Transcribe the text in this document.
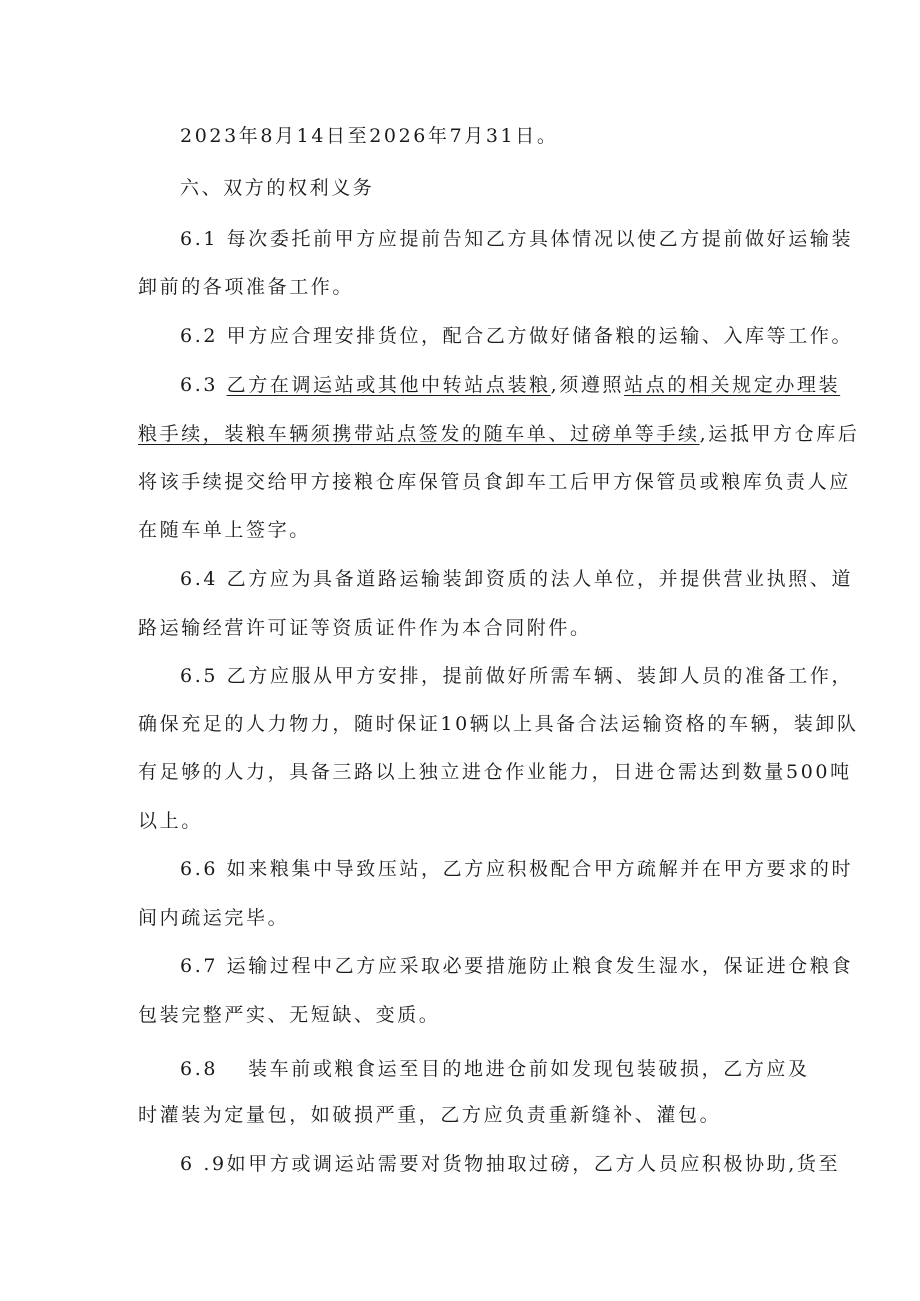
2023年8月14日至2026年7月31日。

六、双方的权利义务

6.1 每次委托前甲方应提前告知乙方具体情况以使乙方提前做好运输装

卸前的各项准备工作。

6.2 甲方应合理安排货位，配合乙方做好储备粮的运输、入库等工作。

6.3 乙方在调运站或其他中转站点装粮,须遵照站点的相关规定办理装

粮手续，装粮车辆须携带站点签发的随车单、过磅单等手续,运抵甲方仓库后

将该手续提交给甲方接粮仓库保管员食卸车工后甲方保管员或粮库负责人应

在随车单上签字。

6.4 乙方应为具备道路运输装卸资质的法人单位，并提供营业执照、道

路运输经营许可证等资质证件作为本合同附件。

6.5 乙方应服从甲方安排，提前做好所需车辆、装卸人员的准备工作，

确保充足的人力物力，随时保证10辆以上具备合法运输资格的车辆，装卸队

有足够的人力，具备三路以上独立进仓作业能力，日进仓需达到数量500吨

以上。

6.6 如来粮集中导致压站，乙方应积极配合甲方疏解并在甲方要求的时

间内疏运完毕。

6.7 运输过程中乙方应采取必要措施防止粮食发生湿水，保证进仓粮食

包装完整严实、无短缺、变质。

6.8 装车前或粮食运至目的地进仓前如发现包装破损，乙方应及

时灌装为定量包，如破损严重，乙方应负责重新缝补、灌包。

6 .9如甲方或调运站需要对货物抽取过磅，乙方人员应积极协助,货至
